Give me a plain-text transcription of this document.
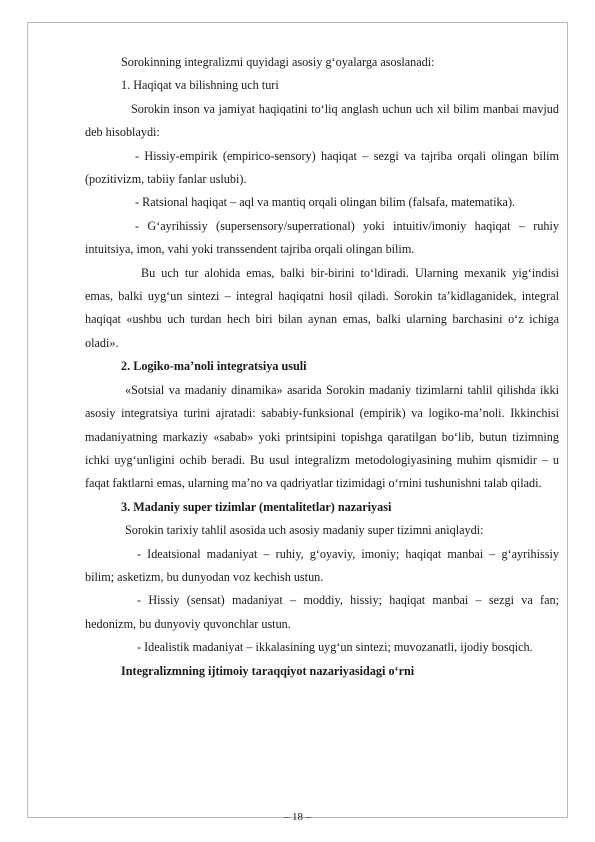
Sorokinning integralizmi quyidagi asosiy g‘oyalarga asoslanadi:

1. Haqiqat va bilishning uch turi

Sorokin inson va jamiyat haqiqatini to‘liq anglash uchun uch xil bilim manbai mavjud deb hisoblaydi:

- Hissiy-empirik (empirico-sensory) haqiqat – sezgi va tajriba orqali olingan bilim (pozitivizm, tabiiy fanlar uslubi).

- Ratsional haqiqat – aql va mantiq orqali olingan bilim (falsafa, matematika).

- G‘ayrihissiy (supersensory/superrational) yoki intuitiv/imoniy haqiqat – ruhiy intuitsiya, imon, vahi yoki transsendent tajriba orqali olingan bilim.

Bu uch tur alohida emas, balki bir-birini to‘ldiradi. Ularning mexanik yig‘indisi emas, balki uyg‘un sintezi – integral haqiqatni hosil qiladi. Sorokin ta’kidlaganidek, integral haqiqat «ushbu uch turdan hech biri bilan aynan emas, balki ularning barchasini o‘z ichiga oladi».

2. Logiko-ma’noli integratsiya usuli

«Sotsial va madaniy dinamika» asarida Sorokin madaniy tizimlarni tahlil qilishda ikki asosiy integratsiya turini ajratadi: sababiy-funksional (empirik) va logiko-ma’noli. Ikkinchisi madaniyatning markaziy «sabab» yoki printsipini topishga qaratilgan bo‘lib, butun tizimning ichki uyg‘unligini ochib beradi. Bu usul integralizm metodologiyasining muhim qismidir – u faqat faktlarni emas, ularning ma’no va qadriyatlar tizimidagi o‘rnini tushunishni talab qiladi.

3. Madaniy super tizimlar (mentalitetlar) nazariyasi

Sorokin tarixiy tahlil asosida uch asosiy madaniy super tizimni aniqlaydi:

- Ideatsional madaniyat – ruhiy, g‘oyaviy, imoniy; haqiqat manbai – g‘ayrihissiy bilim; asketizm, bu dunyodan voz kechish ustun.

- Hissiy (sensat) madaniyat – moddiy, hissiy; haqiqat manbai – sezgi va fan; hedonizm, bu dunyoviy quvonchlar ustun.

- Idealistik madaniyat – ikkalasining uyg‘un sintezi; muvozanatli, ijodiy bosqich.

Integralizmning ijtimoiy taraqqiyot nazariyasidagi o‘rni

– 18 –
